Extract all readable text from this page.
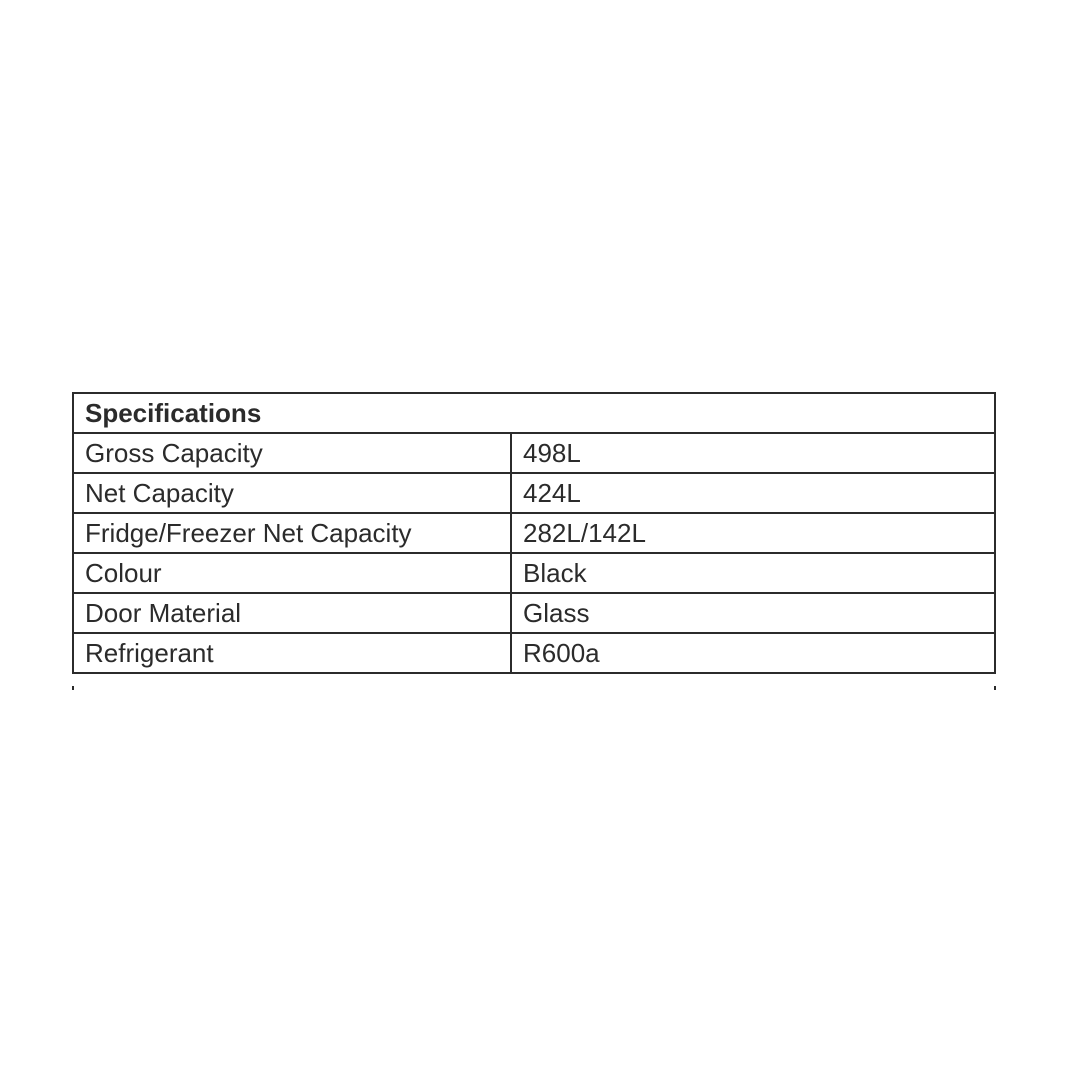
Specifications	
Gross Capacity	498L
Net Capacity	424L
Fridge/Freezer Net Capacity	282L/142L
Colour	Black
Door Material	Glass
Refrigerant	R600a
